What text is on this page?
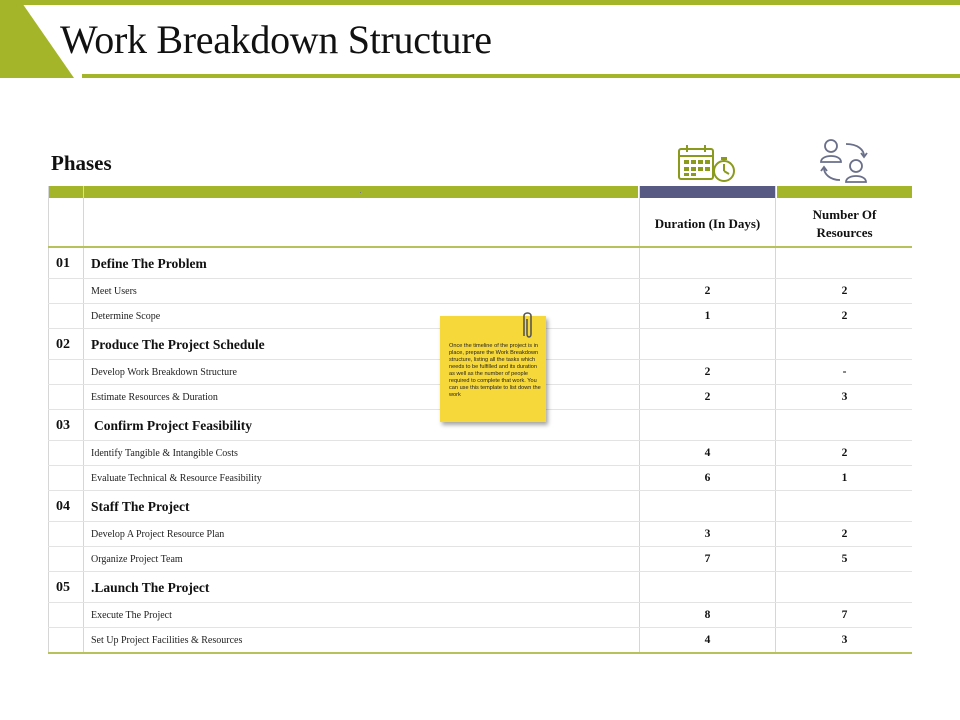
Work Breakdown Structure
Phases
Duration (In Days)
Number Of
Resources
01	Define The Problem
Meet Users	2	2
Determine Scope	1	2
02	Produce The Project Schedule
Develop Work Breakdown Structure	2	-
Estimate Resources & Duration	2	3
03	Confirm Project Feasibility
Identify Tangible & Intangible Costs	4	2
Evaluate Technical & Resource Feasibility	6	1
04	Staff The Project
Develop A Project Resource Plan	3	2
Organize Project Team	7	5
05	.Launch The Project
Execute The Project	8	7
Set Up Project Facilities & Resources	4	3
Once the timeline of the project is in place, prepare the Work Breakdown structure, listing all the tasks which needs to be fulfilled and its duration as well as the number of people required to complete that work. You can use this template to list down the work
